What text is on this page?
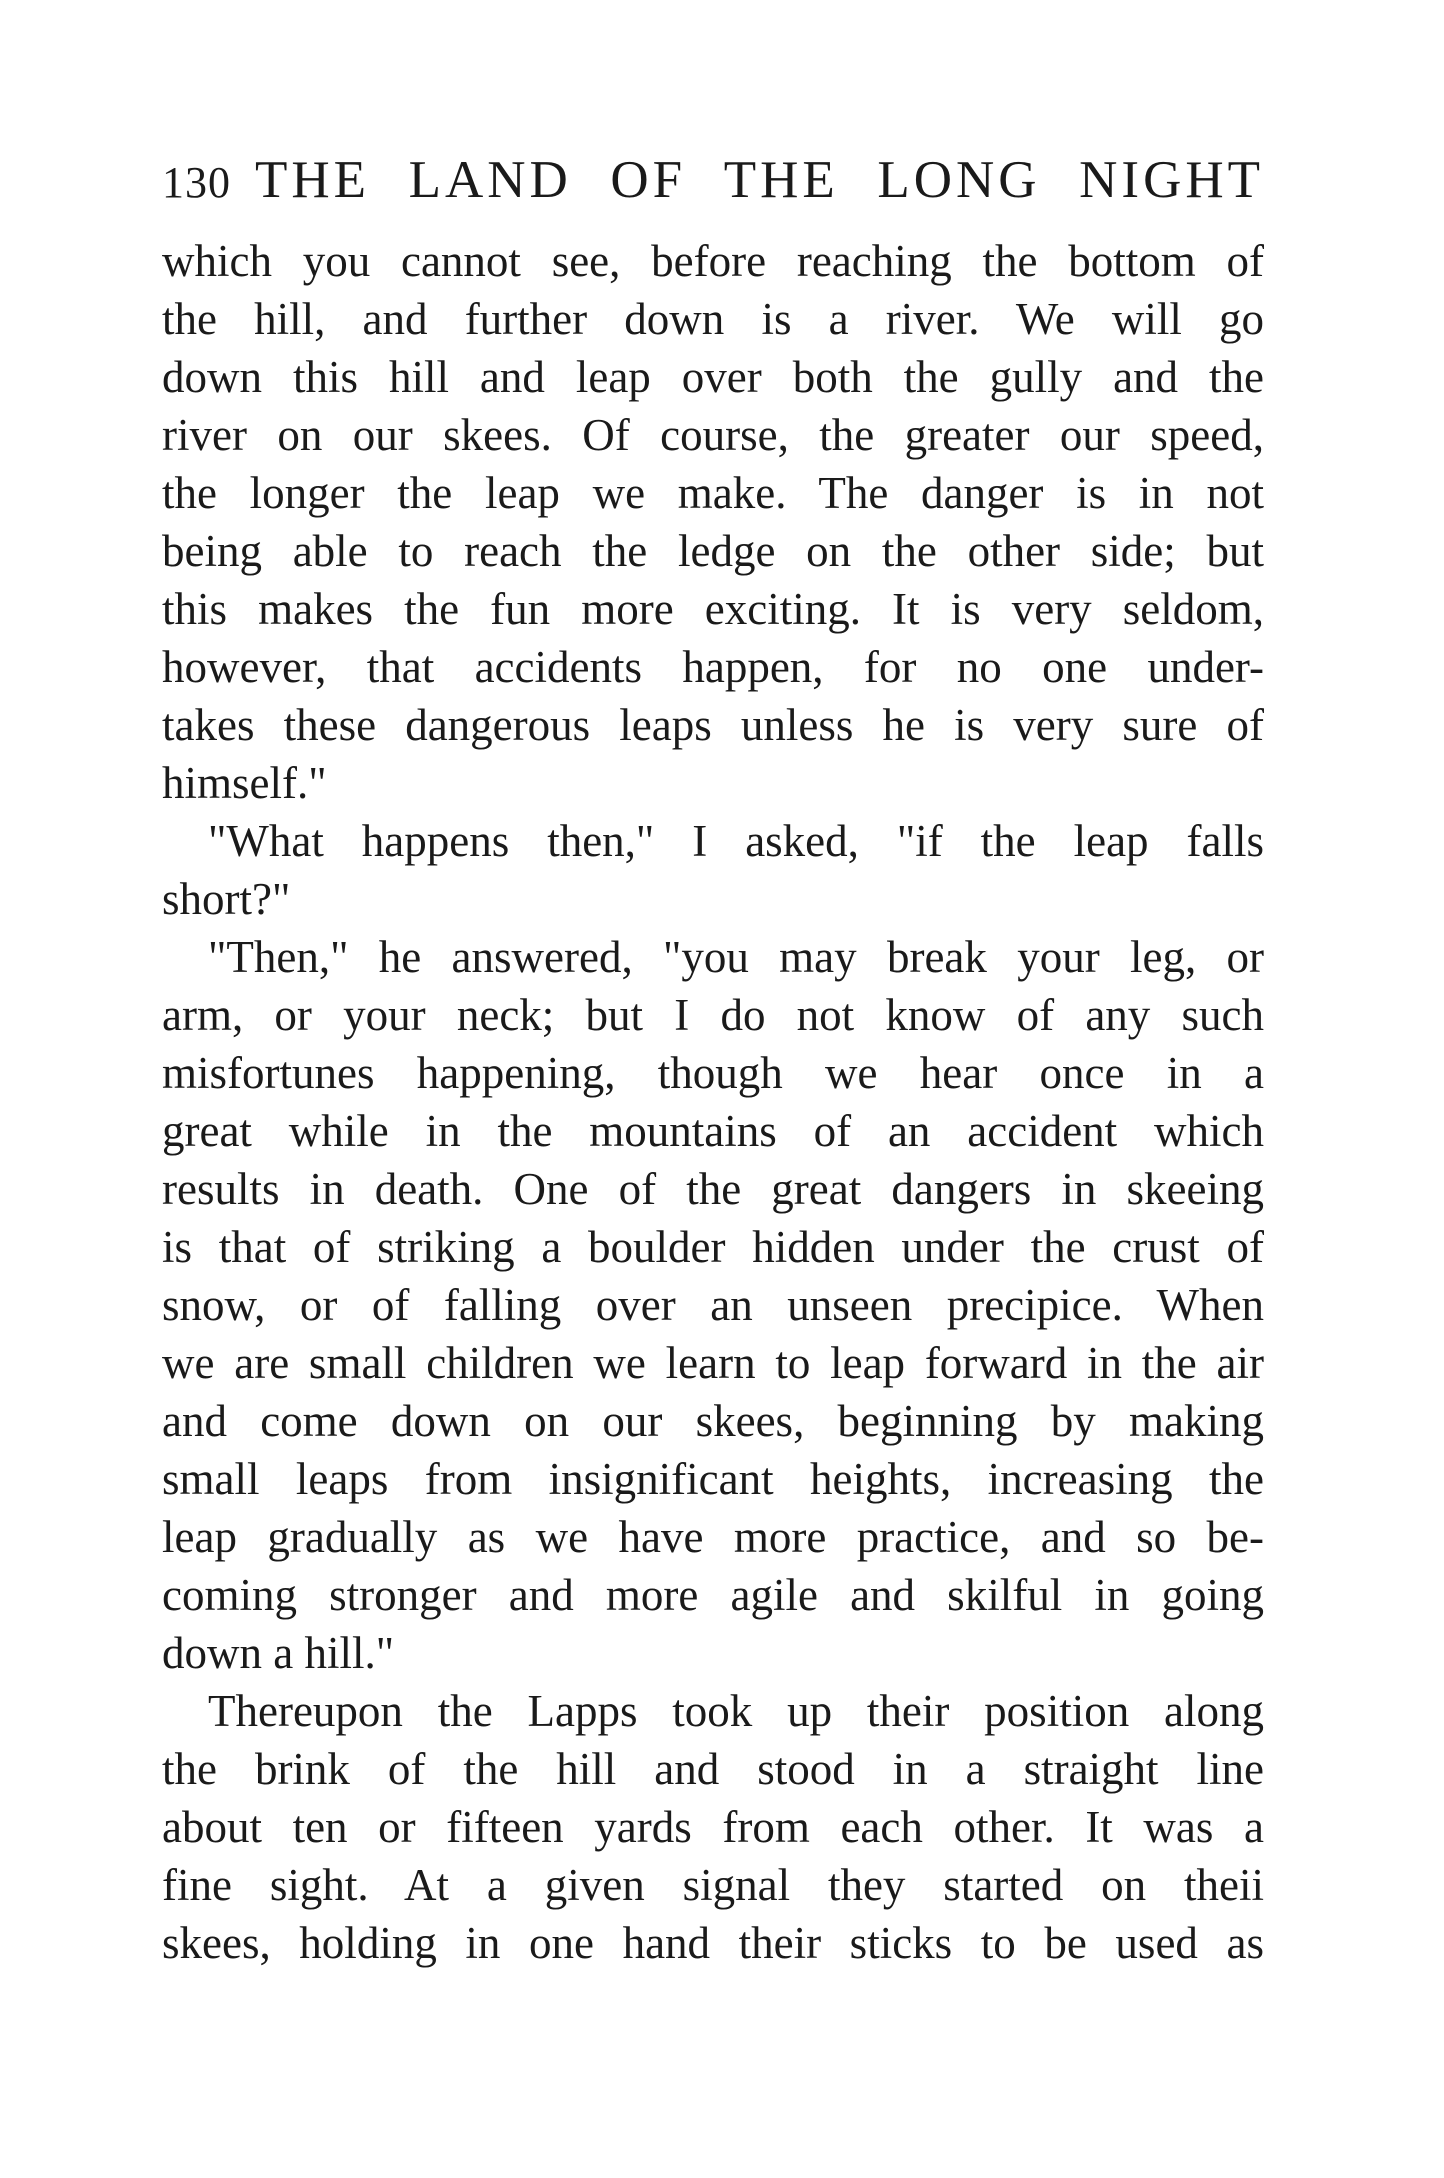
130 THE LAND OF THE LONG NIGHT
which you cannot see, before reaching the bottom of
the hill, and further down is a river. We will go
down this hill and leap over both the gully and the
river on our skees. Of course, the greater our speed,
the longer the leap we make. The danger is in not
being able to reach the ledge on the other side; but
this makes the fun more exciting. It is very seldom,
however, that accidents happen, for no one under-
takes these dangerous leaps unless he is very sure of
himself."
"What happens then," I asked, "if the leap falls
short?"
"Then," he answered, "you may break your leg, or
arm, or your neck; but I do not know of any such
misfortunes happening, though we hear once in a
great while in the mountains of an accident which
results in death. One of the great dangers in skeeing
is that of striking a boulder hidden under the crust of
snow, or of falling over an unseen precipice. When
we are small children we learn to leap forward in the air
and come down on our skees, beginning by making
small leaps from insignificant heights, increasing the
leap gradually as we have more practice, and so be-
coming stronger and more agile and skilful in going
down a hill."
Thereupon the Lapps took up their position along
the brink of the hill and stood in a straight line
about ten or fifteen yards from each other. It was a
fine sight. At a given signal they started on theii
skees, holding in one hand their sticks to be used as
